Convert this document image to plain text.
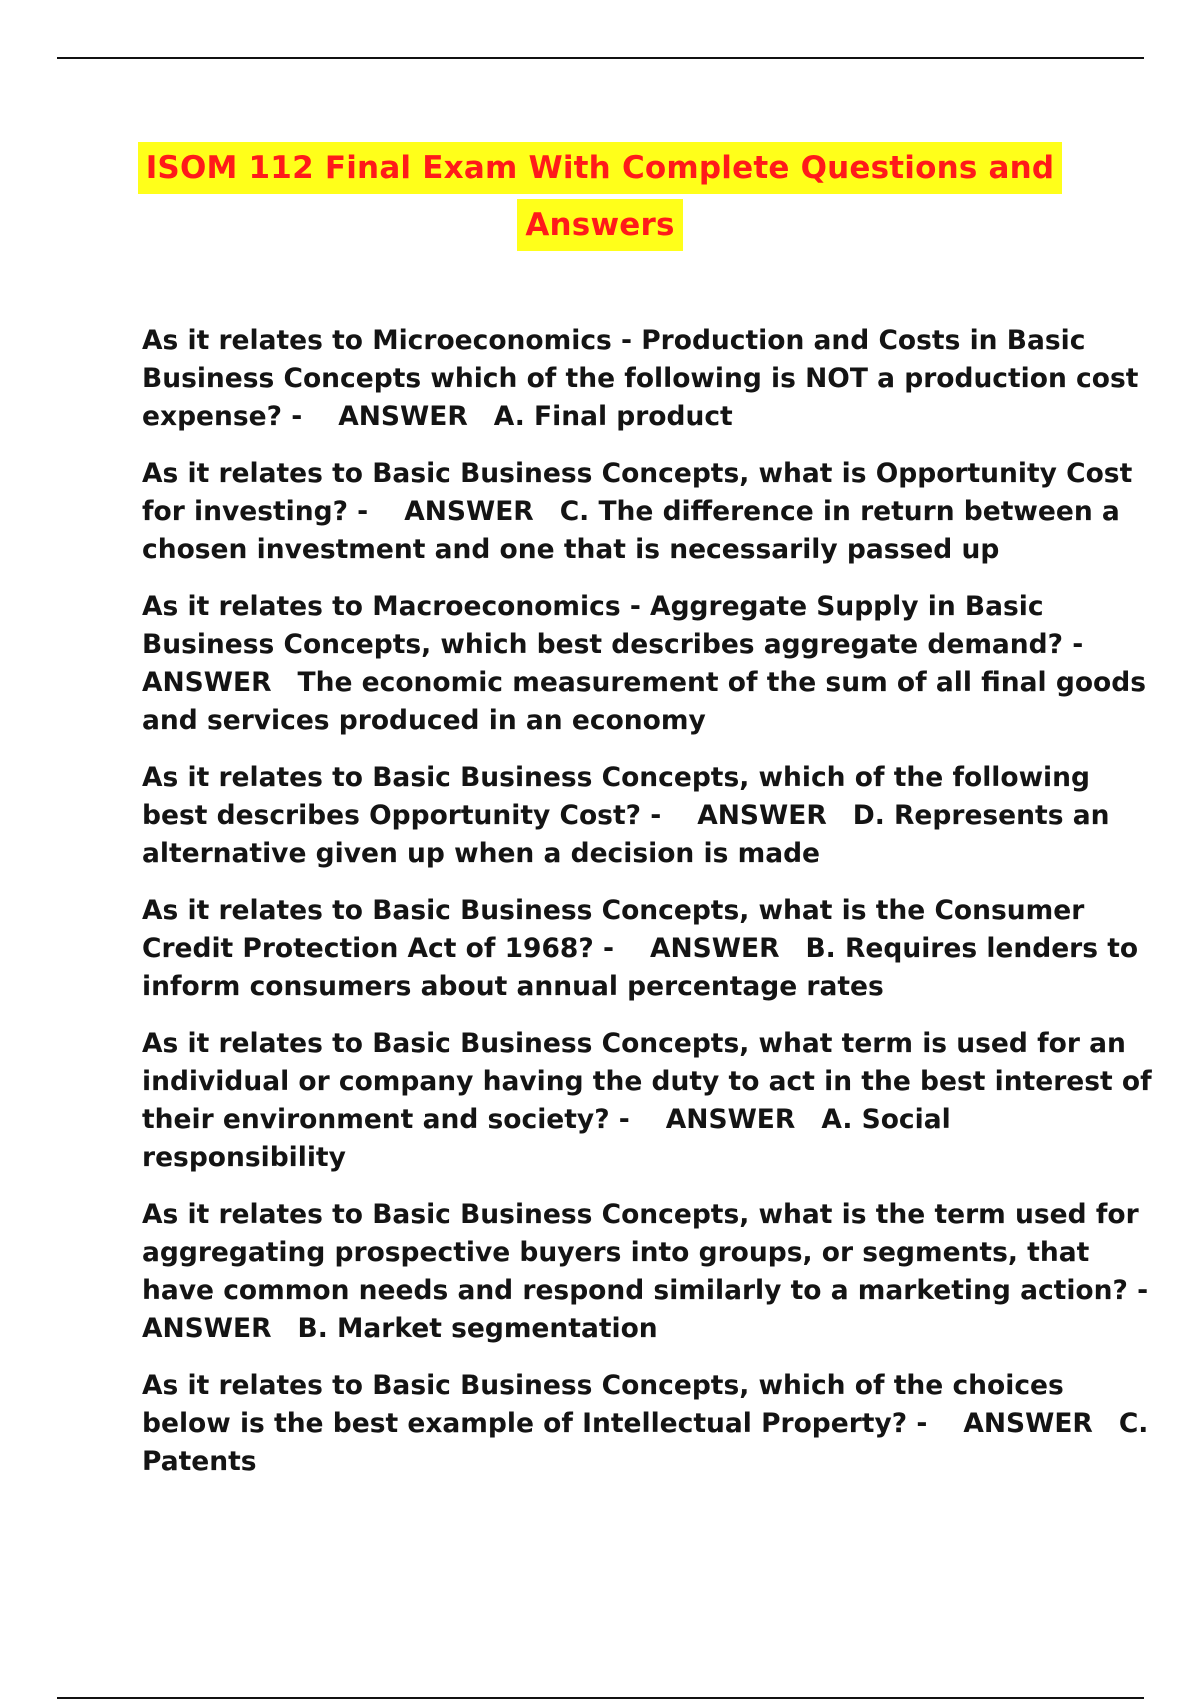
ISOM 112 Final Exam With Complete Questions and
Answers

As it relates to Microeconomics - Production and Costs in Basic Business Concepts which of the following is NOT a production cost expense? - ANSWER A. Final product

As it relates to Basic Business Concepts, what is Opportunity Cost for investing? - ANSWER C. The difference in return between a chosen investment and one that is necessarily passed up

As it relates to Macroeconomics - Aggregate Supply in Basic Business Concepts, which best describes aggregate demand? - ANSWER The economic measurement of the sum of all final goods and services produced in an economy

As it relates to Basic Business Concepts, which of the following best describes Opportunity Cost? - ANSWER D. Represents an alternative given up when a decision is made

As it relates to Basic Business Concepts, what is the Consumer Credit Protection Act of 1968? - ANSWER B. Requires lenders to inform consumers about annual percentage rates

As it relates to Basic Business Concepts, what term is used for an individual or company having the duty to act in the best interest of their environment and society? - ANSWER A. Social responsibility

As it relates to Basic Business Concepts, what is the term used for aggregating prospective buyers into groups, or segments, that have common needs and respond similarly to a marketing action? - ANSWER B. Market segmentation

As it relates to Basic Business Concepts, which of the choices below is the best example of Intellectual Property? - ANSWER C. Patents
